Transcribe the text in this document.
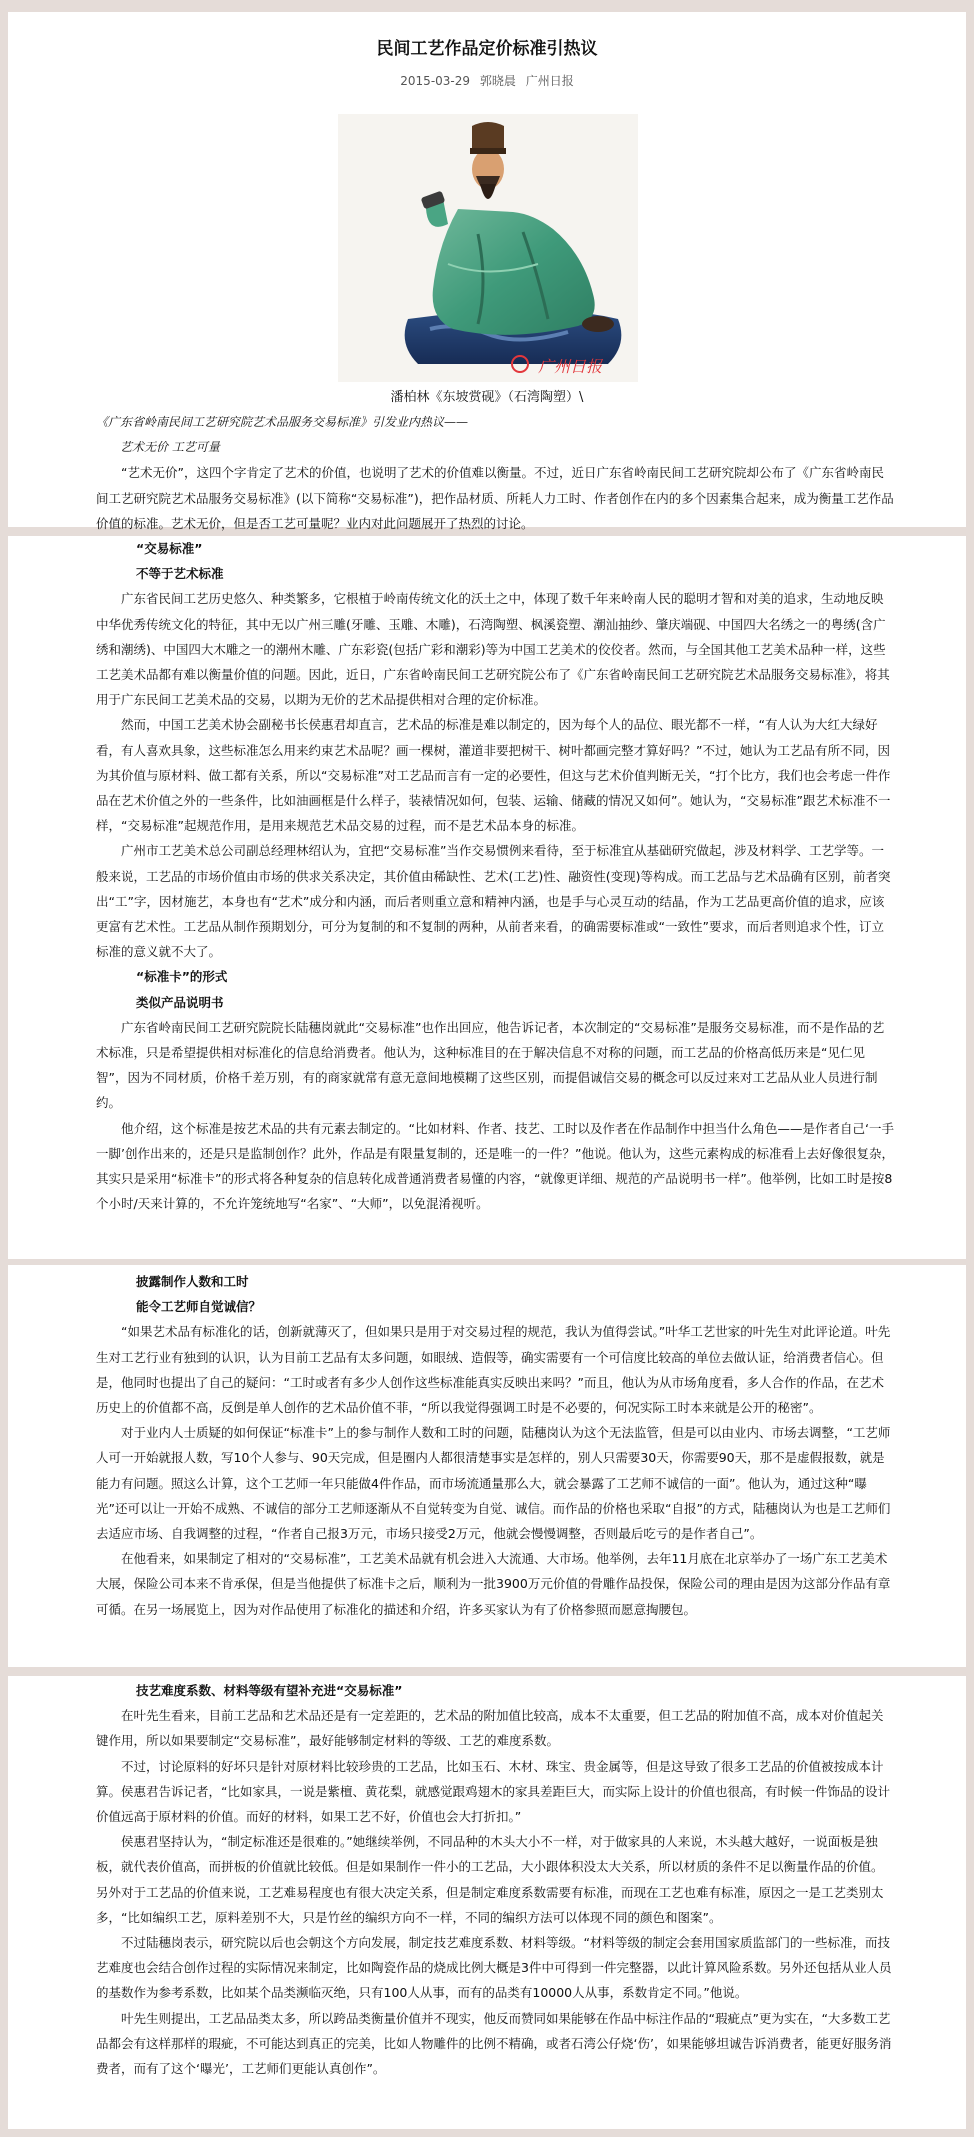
民间工艺作品定价标准引热议
2015-03-29 郭晓晨 广州日报
广州日报
潘柏林《东坡赏砚》（石湾陶塑）\

《广东省岭南民间工艺研究院艺术品服务交易标准》引发业内热议——

艺术无价 工艺可量

“艺术无价”，这四个字肯定了艺术的价值，也说明了艺术的价值难以衡量。不过，近日广东省岭南民间工艺研究院却公布了《广东省岭南民间工艺研究院艺术品服务交易标准》(以下简称“交易标准”)，把作品材质、所耗人力工时、作者创作在内的多个因素集合起来，成为衡量工艺作品价值的标准。艺术无价，但是否工艺可量呢？业内对此问题展开了热烈的讨论。

“交易标准”

不等于艺术标准

广东省民间工艺历史悠久、种类繁多，它根植于岭南传统文化的沃土之中，体现了数千年来岭南人民的聪明才智和对美的追求，生动地反映中华优秀传统文化的特征，其中无以广州三雕(牙雕、玉雕、木雕)，石湾陶塑、枫溪瓷塑、潮汕抽纱、肇庆端砚、中国四大名绣之一的粤绣(含广绣和潮绣)、中国四大木雕之一的潮州木雕、广东彩瓷(包括广彩和潮彩)等为中国工艺美术的佼佼者。然而，与全国其他工艺美术品种一样，这些工艺美术品都有难以衡量价值的问题。因此，近日，广东省岭南民间工艺研究院公布了《广东省岭南民间工艺研究院艺术品服务交易标准》，将其用于广东民间工艺美术品的交易，以期为无价的艺术品提供相对合理的定价标准。

然而，中国工艺美术协会副秘书长侯惠君却直言，艺术品的标准是难以制定的，因为每个人的品位、眼光都不一样，“有人认为大红大绿好看，有人喜欢具象，这些标准怎么用来约束艺术品呢？画一棵树，灌道非要把树干、树叶都画完整才算好吗？”不过，她认为工艺品有所不同，因为其价值与原材料、做工都有关系，所以“交易标准”对工艺品而言有一定的必要性，但这与艺术价值判断无关，“打个比方，我们也会考虑一件作品在艺术价值之外的一些条件，比如油画框是什么样子，装裱情况如何，包装、运输、储藏的情况又如何”。她认为，“交易标准”跟艺术标准不一样，“交易标准”起规范作用，是用来规范艺术品交易的过程，而不是艺术品本身的标准。

广州市工艺美术总公司副总经理林绍认为，宜把“交易标准”当作交易惯例来看待，至于标准宜从基础研究做起，涉及材料学、工艺学等。一般来说，工艺品的市场价值由市场的供求关系决定，其价值由稀缺性、艺术(工艺)性、融资性(变现)等构成。而工艺品与艺术品确有区别，前者突出“工”字，因材施艺，本身也有“艺术”成分和内涵，而后者则重立意和精神内涵，也是手与心灵互动的结晶，作为工艺品更高价值的追求，应该更富有艺术性。工艺品从制作预期划分，可分为复制的和不复制的两种，从前者来看，的确需要标准或“一致性”要求，而后者则追求个性，订立标准的意义就不大了。

“标准卡”的形式

类似产品说明书

广东省岭南民间工艺研究院院长陆穗岗就此“交易标准”也作出回应，他告诉记者，本次制定的“交易标准”是服务交易标准，而不是作品的艺术标准，只是希望提供相对标准化的信息给消费者。他认为，这种标准目的在于解决信息不对称的问题，而工艺品的价格高低历来是“见仁见智”，因为不同材质，价格千差万别，有的商家就常有意无意间地模糊了这些区别，而提倡诚信交易的概念可以反过来对工艺品从业人员进行制约。

他介绍，这个标准是按艺术品的共有元素去制定的。“比如材料、作者、技艺、工时以及作者在作品制作中担当什么角色——是作者自己‘一手一脚’创作出来的，还是只是监制创作？此外，作品是有限量复制的，还是唯一的一件？”他说。他认为，这些元素构成的标准看上去好像很复杂，其实只是采用“标准卡”的形式将各种复杂的信息转化成普通消费者易懂的内容，“就像更详细、规范的产品说明书一样”。他举例，比如工时是按8个小时/天来计算的，不允许笼统地写“名家”、“大师”，以免混淆视听。

披露制作人数和工时

能令工艺师自觉诚信？

“如果艺术品有标准化的话，创新就薄灭了，但如果只是用于对交易过程的规范，我认为值得尝试。”叶华工艺世家的叶先生对此评论道。叶先生对工艺行业有独到的认识，认为目前工艺品有太多问题，如眼绒、造假等，确实需要有一个可信度比较高的单位去做认证，给消费者信心。但是，他同时也提出了自己的疑问：“工时或者有多少人创作这些标准能真实反映出来吗？”而且，他认为从市场角度看，多人合作的作品，在艺术历史上的价值都不高，反倒是单人创作的艺术品价值不菲，“所以我觉得强调工时是不必要的，何况实际工时本来就是公开的秘密”。

对于业内人士质疑的如何保证“标准卡”上的参与制作人数和工时的问题，陆穗岗认为这个无法监管，但是可以由业内、市场去调整，“工艺师人可一开始就报人数，写10个人参与、90天完成，但是圈内人都很清楚事实是怎样的，别人只需要30天，你需要90天，那不是虚假报数，就是能力有问题。照这么计算，这个工艺师一年只能做4件作品，而市场流通量那么大，就会暴露了工艺师不诚信的一面”。他认为，通过这种“曝光”还可以让一开始不成熟、不诚信的部分工艺师逐渐从不自觉转变为自觉、诚信。而作品的价格也采取“自报”的方式，陆穗岗认为也是工艺师们去适应市场、自我调整的过程，“作者自己报3万元，市场只接受2万元，他就会慢慢调整，否则最后吃亏的是作者自己”。

在他看来，如果制定了相对的“交易标准”，工艺美术品就有机会进入大流通、大市场。他举例，去年11月底在北京举办了一场广东工艺美术大展，保险公司本来不肯承保，但是当他提供了标准卡之后，顺利为一批3900万元价值的骨雕作品投保，保险公司的理由是因为这部分作品有章可循。在另一场展览上，因为对作品使用了标准化的描述和介绍，许多买家认为有了价格参照而愿意掏腰包。

技艺难度系数、材料等级有望补充进“交易标准”

在叶先生看来，目前工艺品和艺术品还是有一定差距的，艺术品的附加值比较高，成本不太重要，但工艺品的附加值不高，成本对价值起关键作用，所以如果要制定“交易标准”，最好能够制定材料的等级、工艺的难度系数。

不过，讨论原料的好坏只是针对原材料比较珍贵的工艺品，比如玉石、木材、珠宝、贵金属等，但是这导致了很多工艺品的价值被按成本计算。侯惠君告诉记者，“比如家具，一说是紫檀、黄花梨，就感觉跟鸡翅木的家具差距巨大，而实际上设计的价值也很高，有时候一件饰品的设计价值远高于原材料的价值。而好的材料，如果工艺不好，价值也会大打折扣。”

侯惠君坚持认为，“制定标准还是很难的。”她继续举例，不同品种的木头大小不一样，对于做家具的人来说，木头越大越好，一说面板是独板，就代表价值高，而拼板的价值就比较低。但是如果制作一件小的工艺品，大小跟体积没太大关系，所以材质的条件不足以衡量作品的价值。另外对于工艺品的价值来说，工艺难易程度也有很大决定关系，但是制定难度系数需要有标准，而现在工艺也难有标准，原因之一是工艺类别太多，“比如编织工艺，原料差别不大，只是竹丝的编织方向不一样，不同的编织方法可以体现不同的颜色和图案”。

不过陆穗岗表示，研究院以后也会朝这个方向发展，制定技艺难度系数、材料等级。“材料等级的制定会套用国家质监部门的一些标准，而技艺难度也会结合创作过程的实际情况来制定，比如陶瓷作品的烧成比例大概是3件中可得到一件完整器，以此计算风险系数。另外还包括从业人员的基数作为参考系数，比如某个品类濒临灭绝，只有100人从事，而有的品类有10000人从事，系数肯定不同。”他说。

叶先生则提出，工艺品品类太多，所以跨品类衡量价值并不现实，他反而赞同如果能够在作品中标注作品的“瑕疵点”更为实在，“大多数工艺品都会有这样那样的瑕疵，不可能达到真正的完美，比如人物雕件的比例不精确，或者石湾公仔烧‘伤’，如果能够坦诚告诉消费者，能更好服务消费者，而有了这个‘曝光’，工艺师们更能认真创作”。
